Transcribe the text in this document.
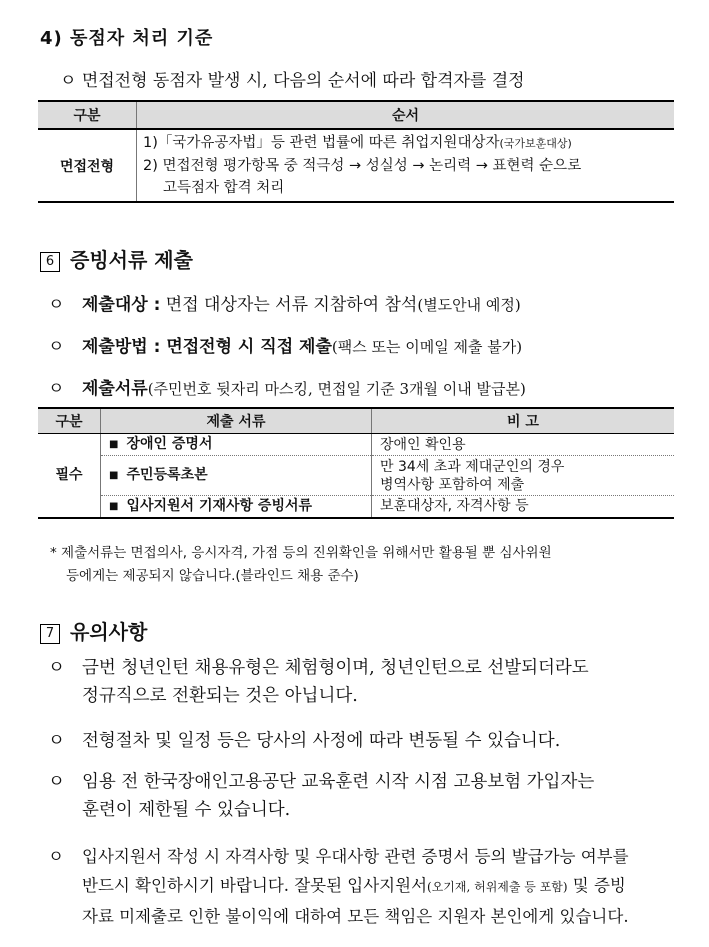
4) 동점자 처리 기준
ㅇ 면접전형 동점자 발생 시, 다음의 순서에 따라 합격자를 결정
구분	순서
면접전형	1)「국가유공자법」등 관련 법률에 따른 취업지원대상자(국가보훈대상)
2) 면접전형 평가항목 중 적극성 → 성실성 → 논리력 → 표현력 순으로
고득점자 합격 처리
6 증빙서류 제출
ㅇ 제출대상 : 면접 대상자는 서류 지참하여 참석(별도안내 예정)
ㅇ 제출방법 : 면접전형 시 직접 제출(팩스 또는 이메일 제출 불가)
ㅇ 제출서류(주민번호 뒷자리 마스킹, 면접일 기준 3개월 이내 발급본)
구분	제출 서류	비 고
필수	■ 장애인 증명서	장애인 확인용
	■ 주민등록초본	만 34세 초과 제대군인의 경우
병역사항 포함하여 제출

	■ 입사지원서 기재사항 증빙서류	보훈대상자, 자격사항 등
* 제출서류는 면접의사, 응시자격, 가점 등의 진위확인을 위해서만 활용될 뿐 심사위원
등에게는 제공되지 않습니다.(블라인드 채용 준수)
7 유의사항
ㅇ 금번 청년인턴 채용유형은 체험형이며, 청년인턴으로 선발되더라도
정규직으로 전환되는 것은 아닙니다.
ㅇ 전형절차 및 일정 등은 당사의 사정에 따라 변동될 수 있습니다.
ㅇ 임용 전 한국장애인고용공단 교육훈련 시작 시점 고용보험 가입자는
훈련이 제한될 수 있습니다.
ㅇ 입사지원서 작성 시 자격사항 및 우대사항 관련 증명서 등의 발급가능 여부를
반드시 확인하시기 바랍니다. 잘못된 입사지원서(오기재, 허위제출 등 포함) 및 증빙
자료 미제출로 인한 불이익에 대하여 모든 책임은 지원자 본인에게 있습니다.
